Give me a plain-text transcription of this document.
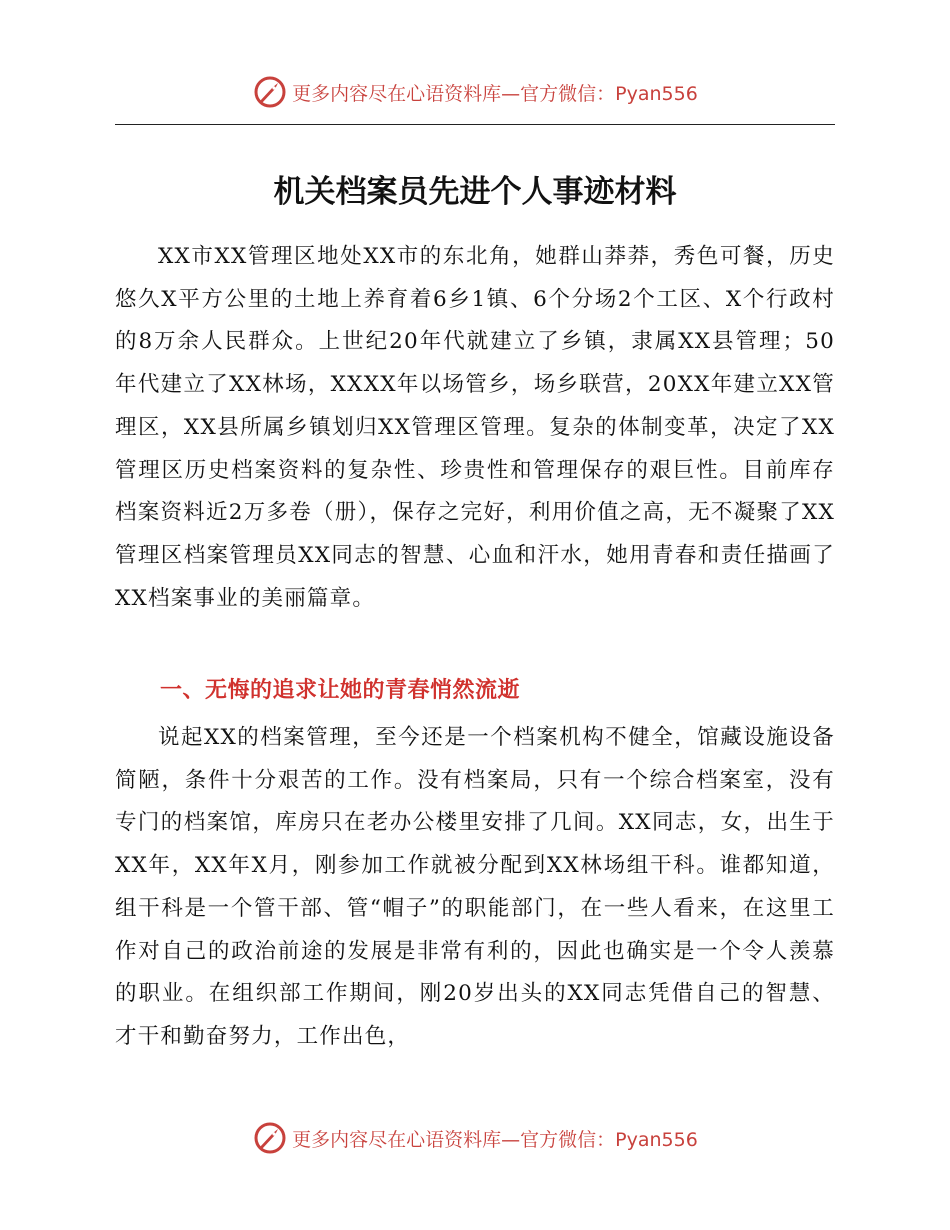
更多内容尽在心语资料库—官方微信：Pyan556
机关档案员先进个人事迹材料

XX市XX管理区地处XX市的东北角，她群山莽莽，秀色可餐，历史悠久X平方公里的土地上养育着6乡1镇、6个分场2个工区、X个行政村的8万余人民群众。上世纪20年代就建立了乡镇，隶属XX县管理；50年代建立了XX林场，XXXX年以场管乡，场乡联营，20XX年建立XX管理区，XX县所属乡镇划归XX管理区管理。复杂的体制变革，决定了XX管理区历史档案资料的复杂性、珍贵性和管理保存的艰巨性。目前库存档案资料近2万多卷（册），保存之完好，利用价值之高，无不凝聚了XX管理区档案管理员XX同志的智慧、心血和汗水，她用青春和责任描画了XX档案事业的美丽篇章。

一、无悔的追求让她的青春悄然流逝

说起XX的档案管理，至今还是一个档案机构不健全，馆藏设施设备简陋，条件十分艰苦的工作。没有档案局，只有一个综合档案室，没有专门的档案馆，库房只在老办公楼里安排了几间。XX同志，女，出生于XX年，XX年X月，刚参加工作就被分配到XX林场组干科。谁都知道，组干科是一个管干部、管“帽子”的职能部门，在一些人看来，在这里工作对自己的政治前途的发展是非常有利的，因此也确实是一个令人羡慕的职业。在组织部工作期间，刚20岁出头的XX同志凭借自己的智慧、才干和勤奋努力，工作出色，

更多内容尽在心语资料库—官方微信：Pyan556
